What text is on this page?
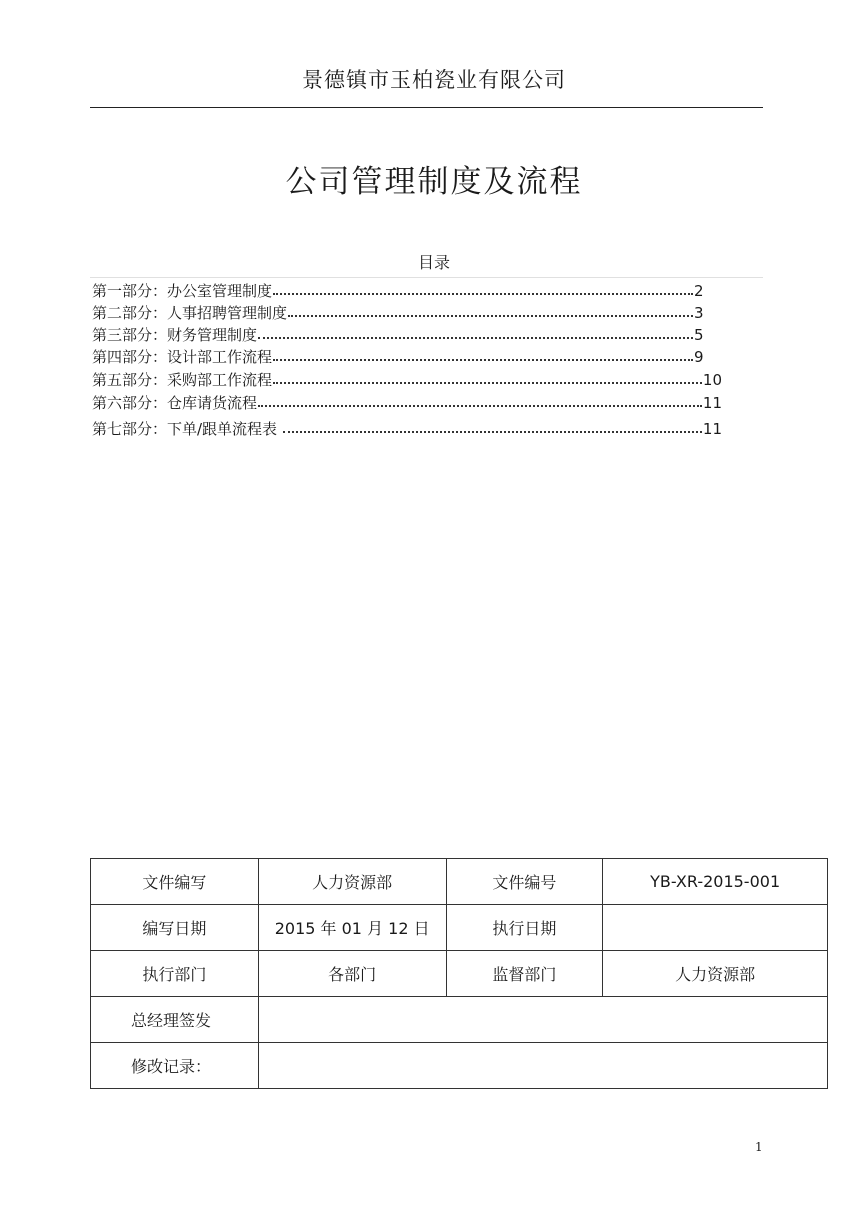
景德镇市玉柏瓷业有限公司
公司管理制度及流程
目录
第一部分：办公室管理制度	2
第二部分：人事招聘管理制度	3
第三部分：财务管理制度	5
第四部分：设计部工作流程	9
第五部分：采购部工作流程	10
第六部分：仓库请货流程	11
第七部分：下单/跟单流程表	11
文件编写	人力资源部	文件编号	YB-XR-2015-001
编写日期	2015 年 01 月 12 日	执行日期	
执行部门	各部门	监督部门	人力资源部
总经理签发			
修改记录：			
1
